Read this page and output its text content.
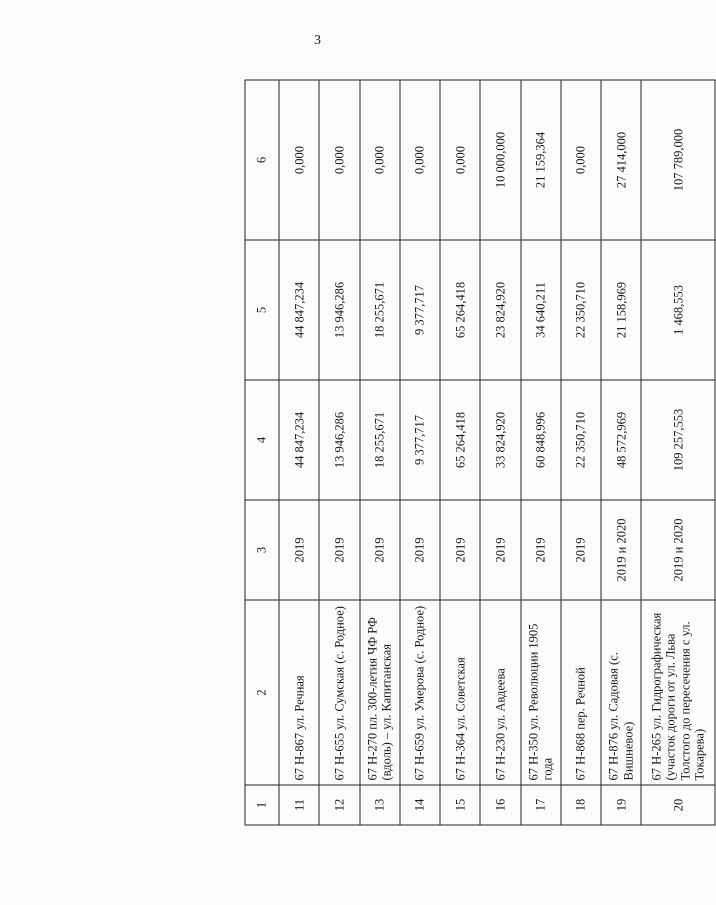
3
1	2	3	4	5	6
11	67 Н-867 ул. Речная	2019	44 847,234	44 847,234	0,000
12	67 Н-655 ул. Сумская (с. Родное)	2019	13 946,286	13 946,286	0,000
13	67 Н-270 пл. 300-летия ЧФ РФ (вдоль) – ул. Капитанская	2019	18 255,671	18 255,671	0,000
14	67 Н-659 ул. Умерова (с. Родное)	2019	9 377,717	9 377,717	0,000
15	67 Н-364 ул. Советская	2019	65 264,418	65 264,418	0,000
16	67 Н-230 ул. Авдеева	2019	33 824,920	23 824,920	10 000,000
17	67 Н-350 ул. Революции 1905 года	2019	60 848,996	34 640,211	21 159,364
18	67 Н-868 пер. Речной	2019	22 350,710	22 350,710	0,000
19	67 Н-876 ул. Садовая (с. Вишневое)	2019 и 2020	48 572,969	21 158,969	27 414,000
20	67 Н-265 ул. Гидрографическая (участок дороги от ул. Льва Толстого до пересечения с ул. Токарева)	2019 и 2020	109 257,553	1 468,553	107 789,000
